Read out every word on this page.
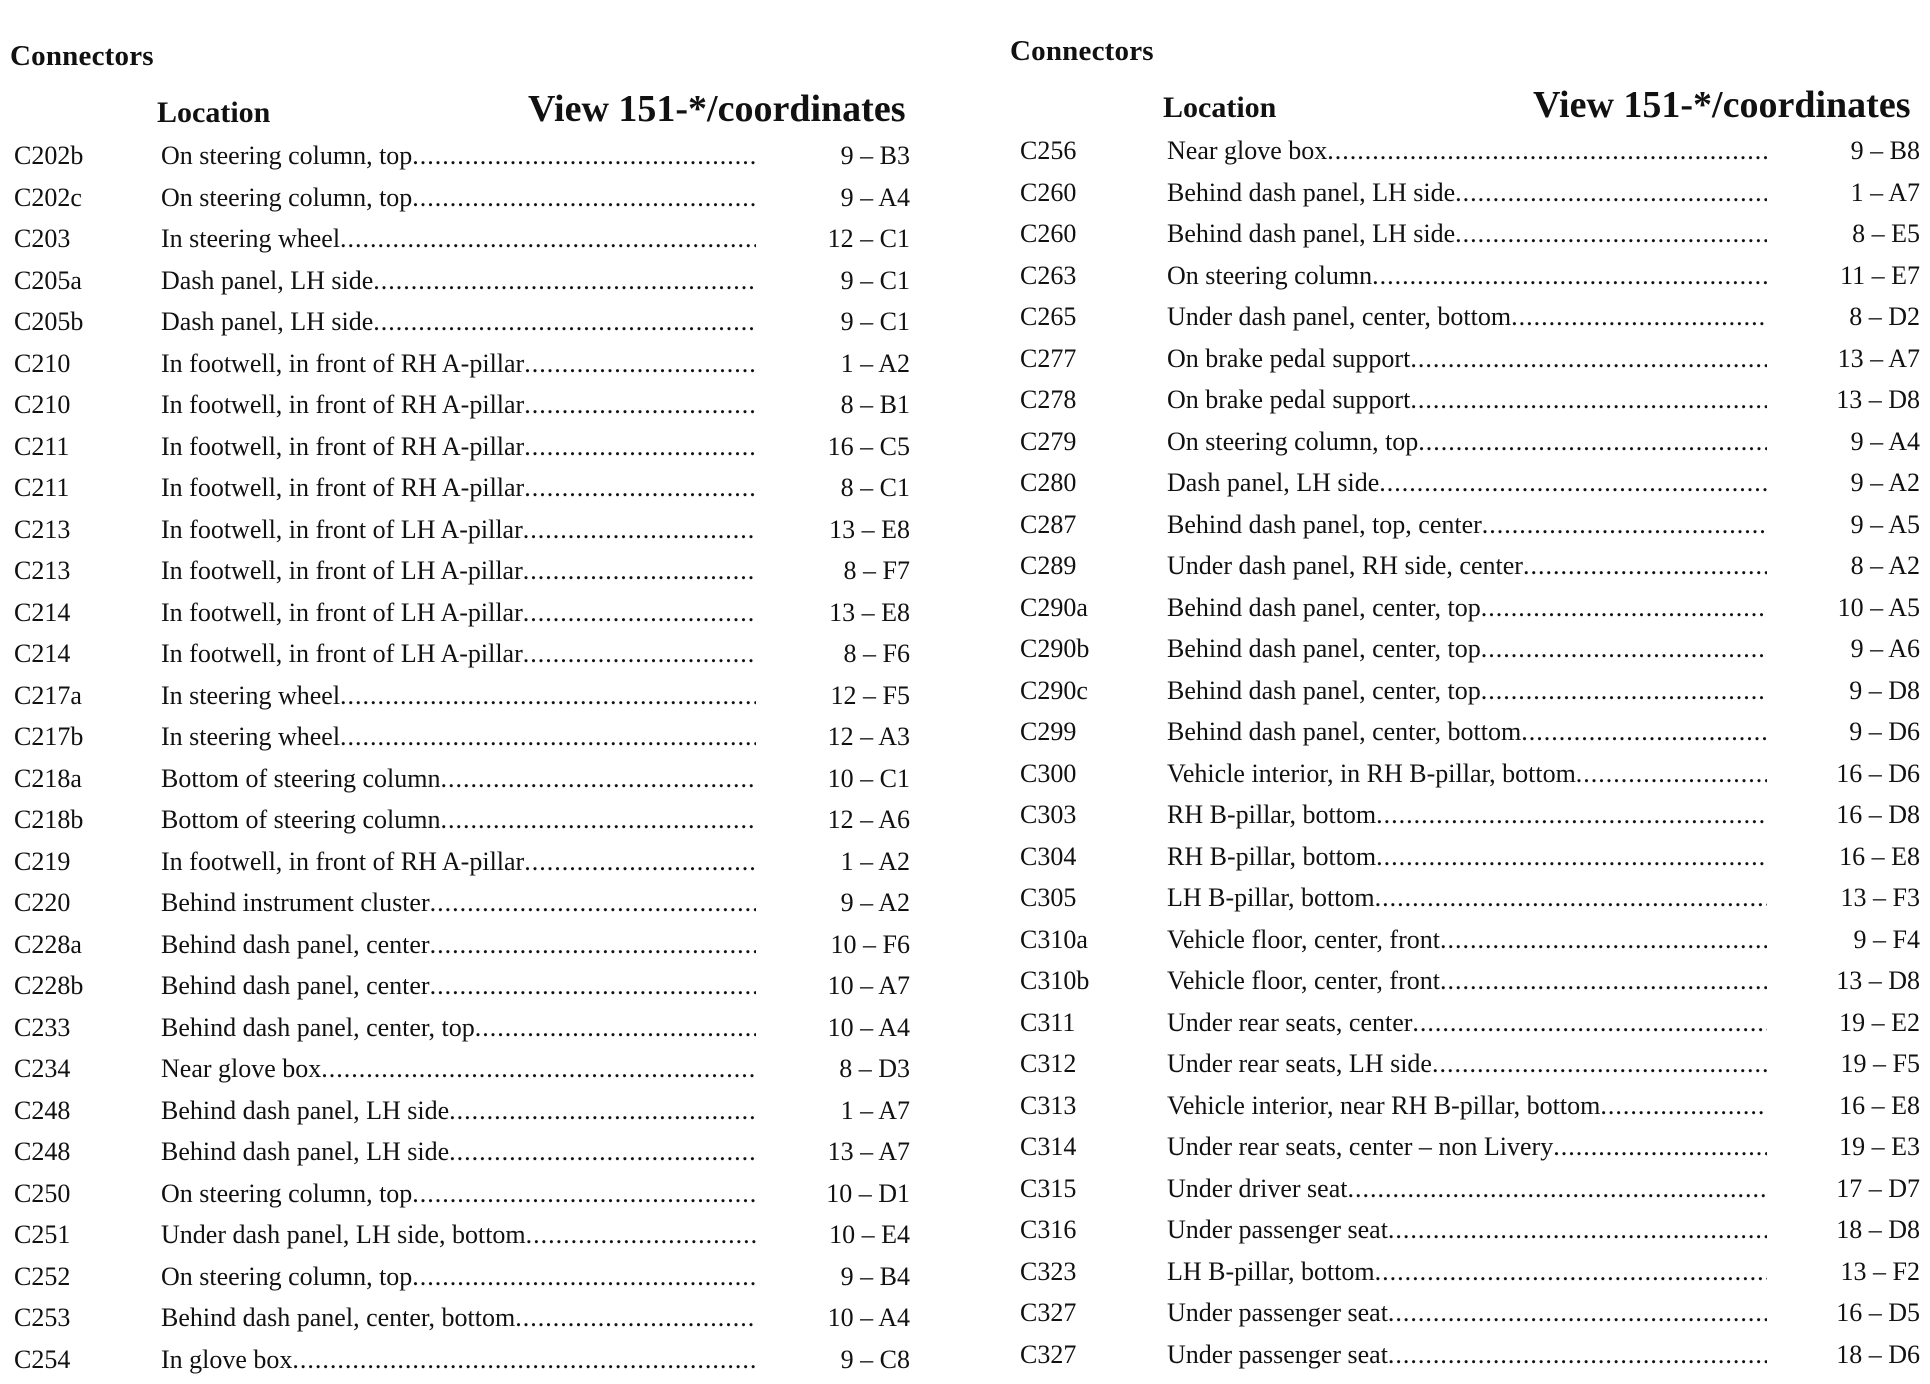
Connectors
Location	View 151-*/coordinates
C202b	On steering column, top .....	9 – B3
C202c	On steering column, top .....	9 – A4
C203	In steering wheel .....	12 – C1
C205a	Dash panel, LH side .....	9 – C1
C205b	Dash panel, LH side .....	9 – C1
C210	In footwell, in front of RH A-pillar .....	1 – A2
C210	In footwell, in front of RH A-pillar .....	8 – B1
C211	In footwell, in front of RH A-pillar .....	16 – C5
C211	In footwell, in front of RH A-pillar .....	8 – C1
C213	In footwell, in front of LH A-pillar .....	13 – E8
C213	In footwell, in front of LH A-pillar .....	8 – F7
C214	In footwell, in front of LH A-pillar .....	13 – E8
C214	In footwell, in front of LH A-pillar .....	8 – F6
C217a	In steering wheel .....	12 – F5
C217b	In steering wheel .....	12 – A3
C218a	Bottom of steering column .....	10 – C1
C218b	Bottom of steering column .....	12 – A6
C219	In footwell, in front of RH A-pillar .....	1 – A2
C220	Behind instrument cluster .....	9 – A2
C228a	Behind dash panel, center .....	10 – F6
C228b	Behind dash panel, center .....	10 – A7
C233	Behind dash panel, center, top .....	10 – A4
C234	Near glove box .....	8 – D3
C248	Behind dash panel, LH side .....	1 – A7
C248	Behind dash panel, LH side .....	13 – A7
C250	On steering column, top .....	10 – D1
C251	Under dash panel, LH side, bottom .....	10 – E4
C252	On steering column, top .....	9 – B4
C253	Behind dash panel, center, bottom .....	10 – A4
C254	In glove box .....	9 – C8
Connectors
Location	View 151-*/coordinates
C256	Near glove box .....	9 – B8
C260	Behind dash panel, LH side .....	1 – A7
C260	Behind dash panel, LH side .....	8 – E5
C263	On steering column .....	11 – E7
C265	Under dash panel, center, bottom .....	8 – D2
C277	On brake pedal support .....	13 – A7
C278	On brake pedal support .....	13 – D8
C279	On steering column, top .....	9 – A4
C280	Dash panel, LH side .....	9 – A2
C287	Behind dash panel, top, center .....	9 – A5
C289	Under dash panel, RH side, center .....	8 – A2
C290a	Behind dash panel, center, top .....	10 – A5
C290b	Behind dash panel, center, top .....	9 – A6
C290c	Behind dash panel, center, top .....	9 – D8
C299	Behind dash panel, center, bottom .....	9 – D6
C300	Vehicle interior, in RH B-pillar, bottom .....	16 – D6
C303	RH B-pillar, bottom .....	16 – D8
C304	RH B-pillar, bottom .....	16 – E8
C305	LH B-pillar, bottom .....	13 – F3
C310a	Vehicle floor, center, front .....	9 – F4
C310b	Vehicle floor, center, front .....	13 – D8
C311	Under rear seats, center .....	19 – E2
C312	Under rear seats, LH side .....	19 – F5
C313	Vehicle interior, near RH B-pillar, bottom .....	16 – E8
C314	Under rear seats, center – non Livery .....	19 – E3
C315	Under driver seat .....	17 – D7
C316	Under passenger seat .....	18 – D8
C323	LH B-pillar, bottom .....	13 – F2
C327	Under passenger seat .....	16 – D5
C327	Under passenger seat .....	18 – D6
